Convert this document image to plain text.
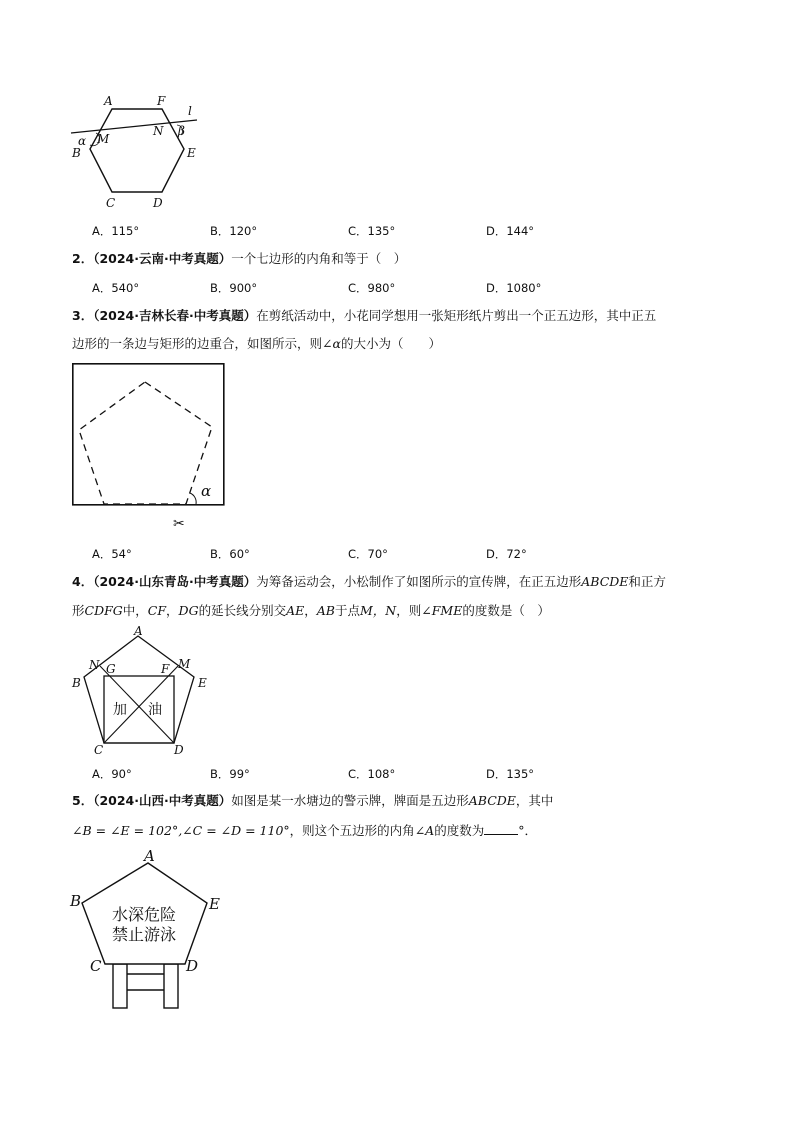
A	F
l
M
N
α
β
B	E
C	D
A．115°	B．120°	C．135°	D．144°
2．（2024·云南·中考真题）一个七边形的内角和等于（　）
A．540°	B．900°	C．980°	D．1080°
3．（2024·吉林长春·中考真题）在剪纸活动中，小花同学想用一张矩形纸片剪出一个正五边形，其中正五
边形的一条边与矩形的边重合，如图所示，则∠α的大小为（　　）
α
✂
A．54°	B．60°	C．70°	D．72°
4．（2024·山东青岛·中考真题）为筹备运动会，小松制作了如图所示的宣传牌，在正五边形ABCDE和正方
形CDFG中，CF，DG的延长线分别交AE，AB于点M，N，则∠FME的度数是（　）
A
N G	F M
B	E
C	D
加 油
A．90°	B．99°	C．108°	D．135°
5．（2024·山西·中考真题）如图是某一水塘边的警示牌，牌面是五边形ABCDE，其中
∠B = ∠E = 102°,∠C = ∠D = 110°，则这个五边形的内角∠A的度数为	°．
A
B	E
C	D
水深危险
禁止游泳
